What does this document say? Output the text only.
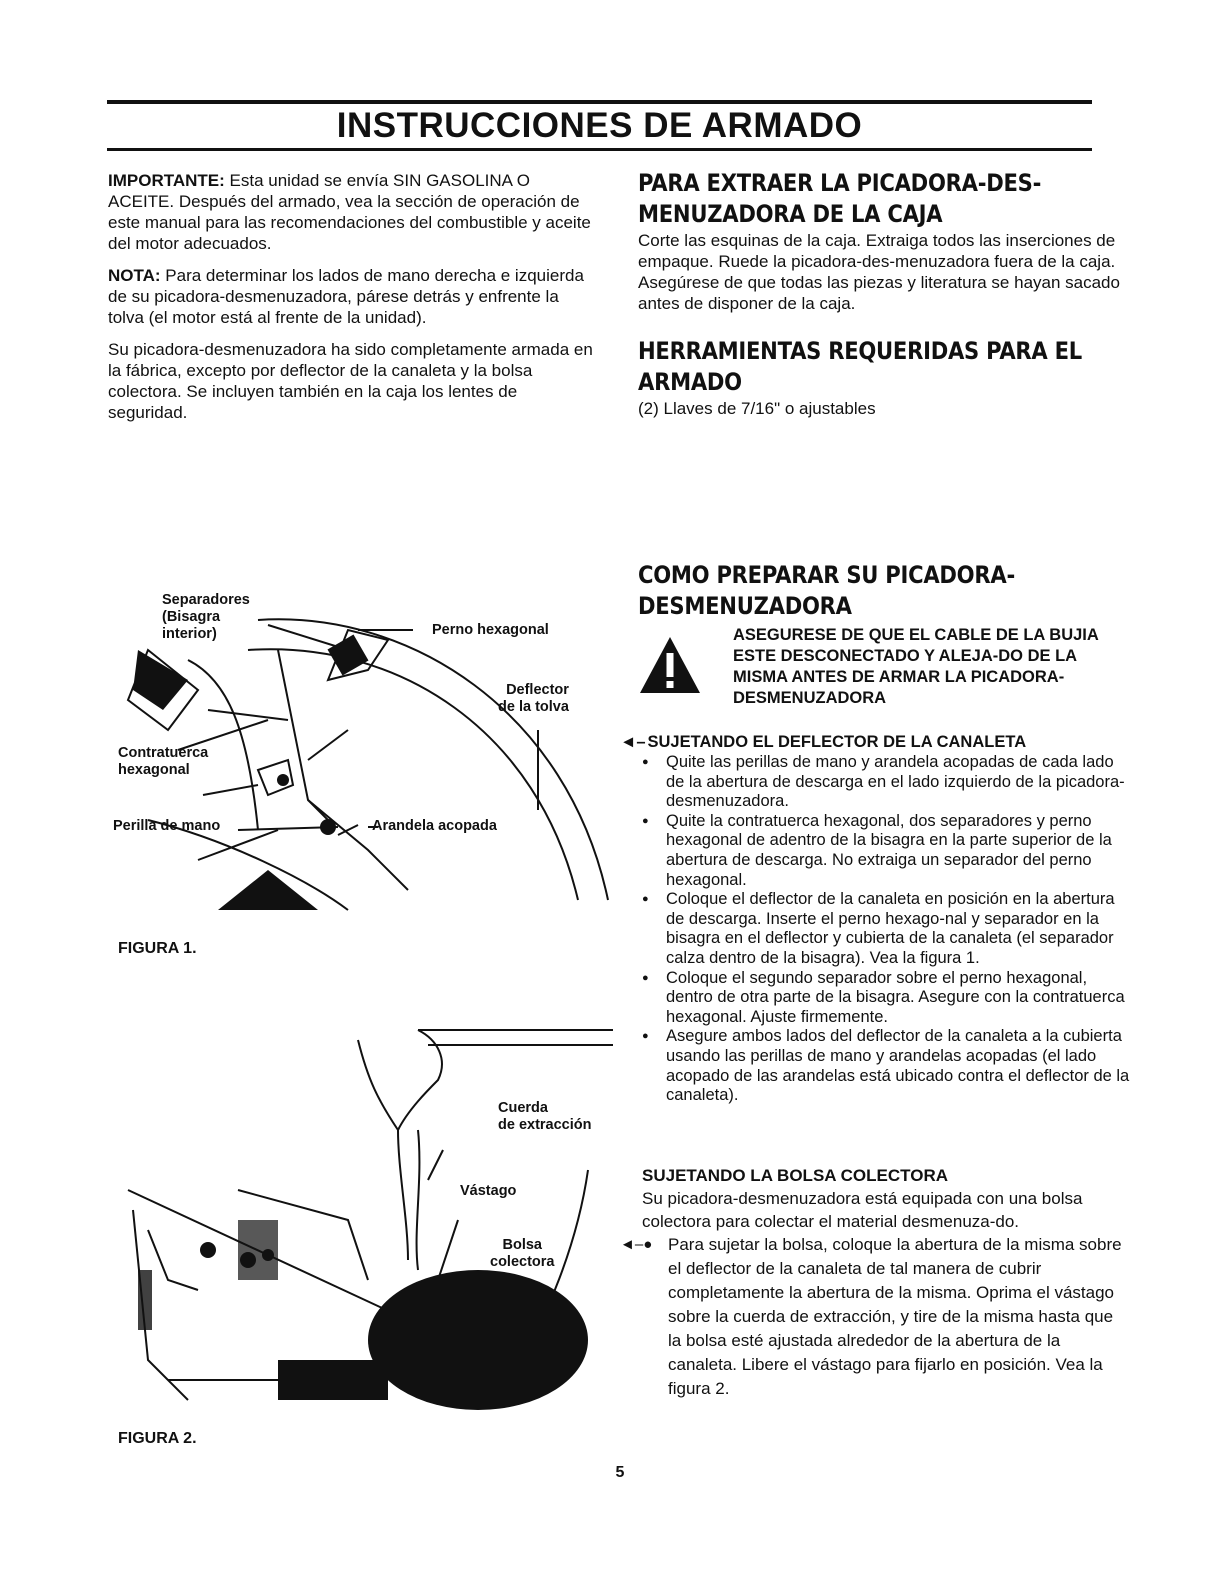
INSTRUCCIONES DE ARMADO

IMPORTANTE: Esta unidad se envía SIN GASOLINA O ACEITE. Después del armado, vea la sección de operación de este manual para las recomendaciones del combustible y aceite del motor adecuados.

NOTA: Para determinar los lados de mano derecha e izquierda de su picadora-desmenuzadora, párese detrás y enfrente la tolva (el motor está al frente de la unidad).

Su picadora-desmenuzadora ha sido completamente armada en la fábrica, excepto por deflector de la canaleta y la bolsa colectora. Se incluyen también en la caja los lentes de seguridad.

PARA EXTRAER LA PICADORA-DES-MENUZADORA DE LA CAJA

Corte las esquinas de la caja. Extraiga todos las inserciones de empaque. Ruede la picadora-des-menuzadora fuera de la caja. Asegúrese de que todas las piezas y literatura se hayan sacado antes de disponer de la caja.

HERRAMIENTAS REQUERIDAS PARA EL ARMADO

(2) Llaves de 7/16" o ajustables

COMO PREPARAR SU PICADORA-DESMENUZADORA
ASEGURESE DE QUE EL CABLE DE LA BUJIA ESTE DESCONECTADO Y ALEJA-DO DE LA MISMA ANTES DE ARMAR LA PICADORA-DESMENUZADORA

◄– SUJETANDO EL DEFLECTOR DE LA CANALETA

● Quite las perillas de mano y arandela acopadas de cada lado de la abertura de descarga en el lado izquierdo de la picadora-desmenuzadora.
● Quite la contratuerca hexagonal, dos separadores y perno hexagonal de adentro de la bisagra en la parte superior de la abertura de descarga. No extraiga un separador del perno hexagonal.
● Coloque el deflector de la canaleta en posición en la abertura de descarga. Inserte el perno hexago-nal y separador en la bisagra en el deflector y cubierta de la canaleta (el separador calza dentro de la bisagra). Vea la figura 1.
● Coloque el segundo separador sobre el perno hexagonal, dentro de otra parte de la bisagra. Asegure con la contratuerca hexagonal. Ajuste firmemente.
● Asegure ambos lados del deflector de la canaleta a la cubierta usando las perillas de mano y arandelas acopadas (el lado acopado de las arandelas está ubicado contra el deflector de la canaleta).

SUJETANDO LA BOLSA COLECTORA

Su picadora-desmenuzadora está equipada con una bolsa colectora para colectar el material desmenuza-do.

◄–● Para sujetar la bolsa, coloque la abertura de la misma sobre el deflector de la canaleta de tal manera de cubrir completamente la abertura de la misma. Oprima el vástago sobre la cuerda de extracción, y tire de la misma hasta que la bolsa esté ajustada alrededor de la abertura de la canaleta. Libere el vástago para fijarlo en posición. Vea la figura 2.
Separadores
(Bisagra
interior)	Perno hexagonal
Deflector
de la tolva
Contratuerca
hexagonal
Perilla de mano	Arandela acopada
FIGURA 1.
Cuerda
de extracción
Vástago
Bolsa
colectora
FIGURA 2.
5
